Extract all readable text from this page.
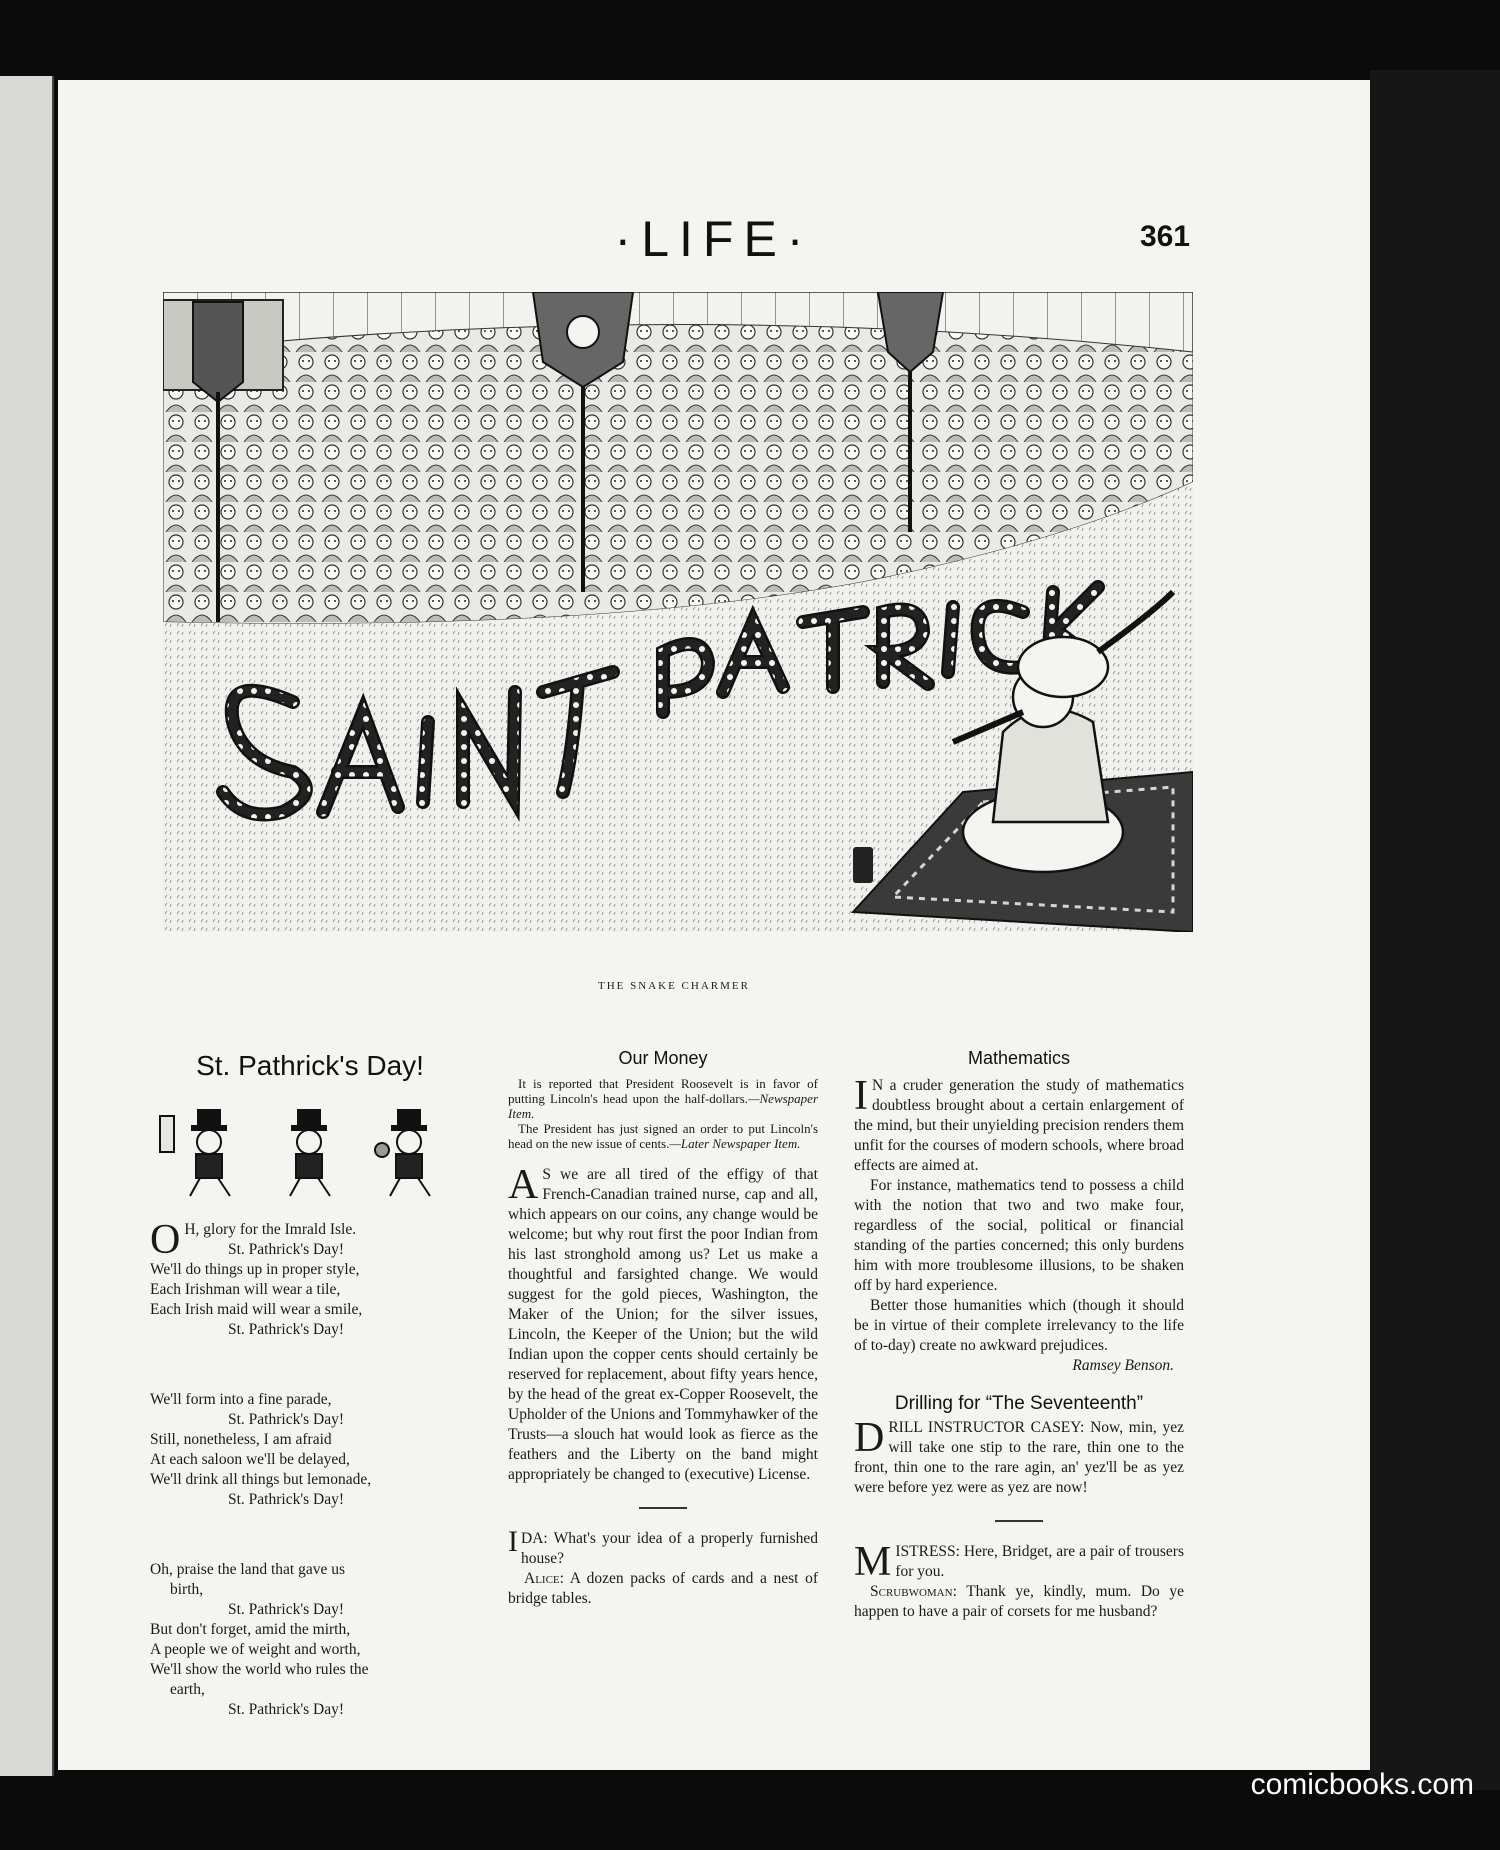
·LIFE·	361
THE SNAKE CHARMER
St. Pathrick's Day!
O H, glory for the Imrald Isle.
St. Pathrick's Day!
We'll do things up in proper style,
Each Irishman will wear a tile,
Each Irish maid will wear a smile,
St. Pathrick's Day!
We'll form into a fine parade,
St. Pathrick's Day!
Still, nonetheless, I am afraid
At each saloon we'll be delayed,
We'll drink all things but lemonade,
St. Pathrick's Day!
Oh, praise the land that gave us
birth,
St. Pathrick's Day!
But don't forget, amid the mirth,
A people we of weight and worth,
We'll show the world who rules the
earth,
St. Pathrick's Day!
Our Money

It is reported that President Roosevelt is in favor of putting Lincoln's head upon the half-dollars.—Newspaper Item.

The President has just signed an order to put Lincoln's head on the new issue of cents.—Later Newspaper Item.

A S we are all tired of the effigy of that French-Canadian trained nurse, cap and all, which appears on our coins, any change would be welcome; but why rout first the poor Indian from his last stronghold among us? Let us make a thoughtful and farsighted change. We would suggest for the gold pieces, Washington, the Maker of the Union; for the silver issues, Lincoln, the Keeper of the Union; but the wild Indian upon the copper cents should certainly be reserved for replacement, about fifty years hence, by the head of the great ex-Copper Roosevelt, the Upholder of the Unions and Tommyhawker of the Trusts—a slouch hat would look as fierce as the feathers and the Liberty on the band might appropriately be changed to (executive) License.

IDA: What's your idea of a properly furnished house?

Alice: A dozen packs of cards and a nest of bridge tables.

Mathematics

I N a cruder generation the study of mathematics doubtless brought about a certain enlargement of the mind, but their unyielding precision renders them unfit for the courses of modern schools, where broad effects are aimed at.

For instance, mathematics tend to possess a child with the notion that two and two make four, regardless of the social, political or financial standing of the parties concerned; this only burdens him with more troublesome illusions, to be shaken off by hard experience.

Better those humanities which (though it should be in virtue of their complete irrelevancy to the life of to-day) create no awkward prejudices.

Ramsey Benson.
Drilling for “The Seventeenth”

DRILL INSTRUCTOR CASEY: Now, min, yez will take one stip to the rare, thin one to the front, thin one to the rare agin, an' yez'll be as yez were before yez were as yez are now!

MISTRESS: Here, Bridget, are a pair of trousers for you.

Scrubwoman: Thank ye, kindly, mum. Do ye happen to have a pair of corsets for me husband?

comicbooks.com
